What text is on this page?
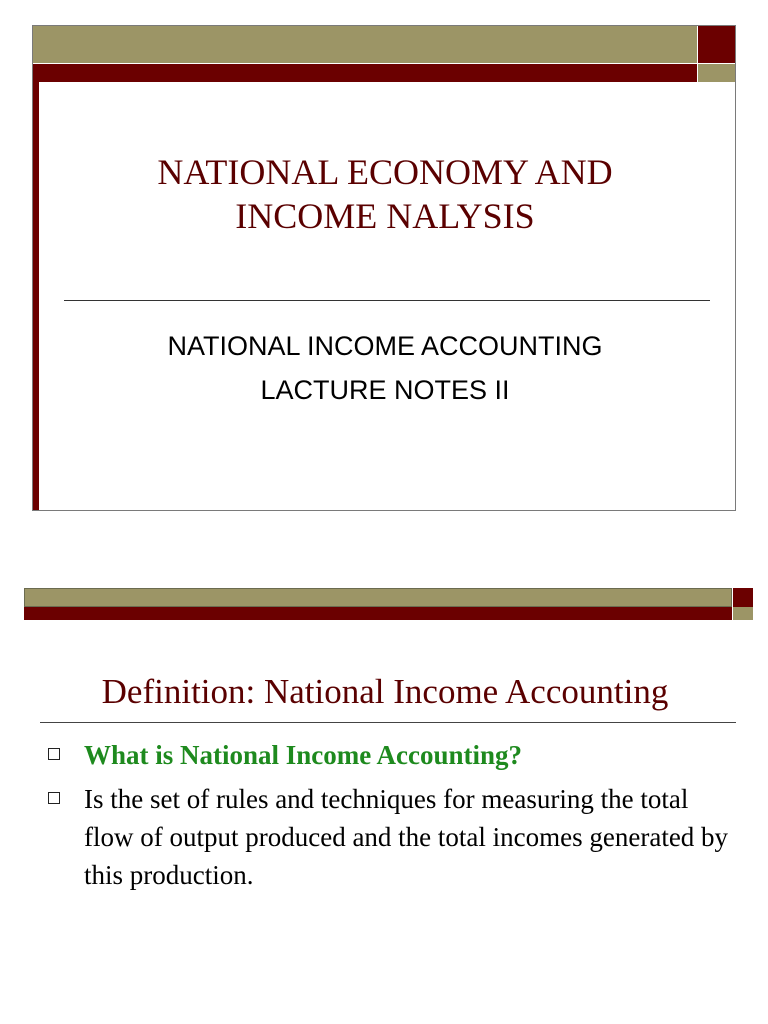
NATIONAL ECONOMY AND
INCOME NALYSIS
NATIONAL INCOME ACCOUNTING
LACTURE NOTES II
Definition: National Income Accounting
What is National Income Accounting?
Is the set of rules and techniques for measuring the total flow of output produced and the total incomes generated by this production.
